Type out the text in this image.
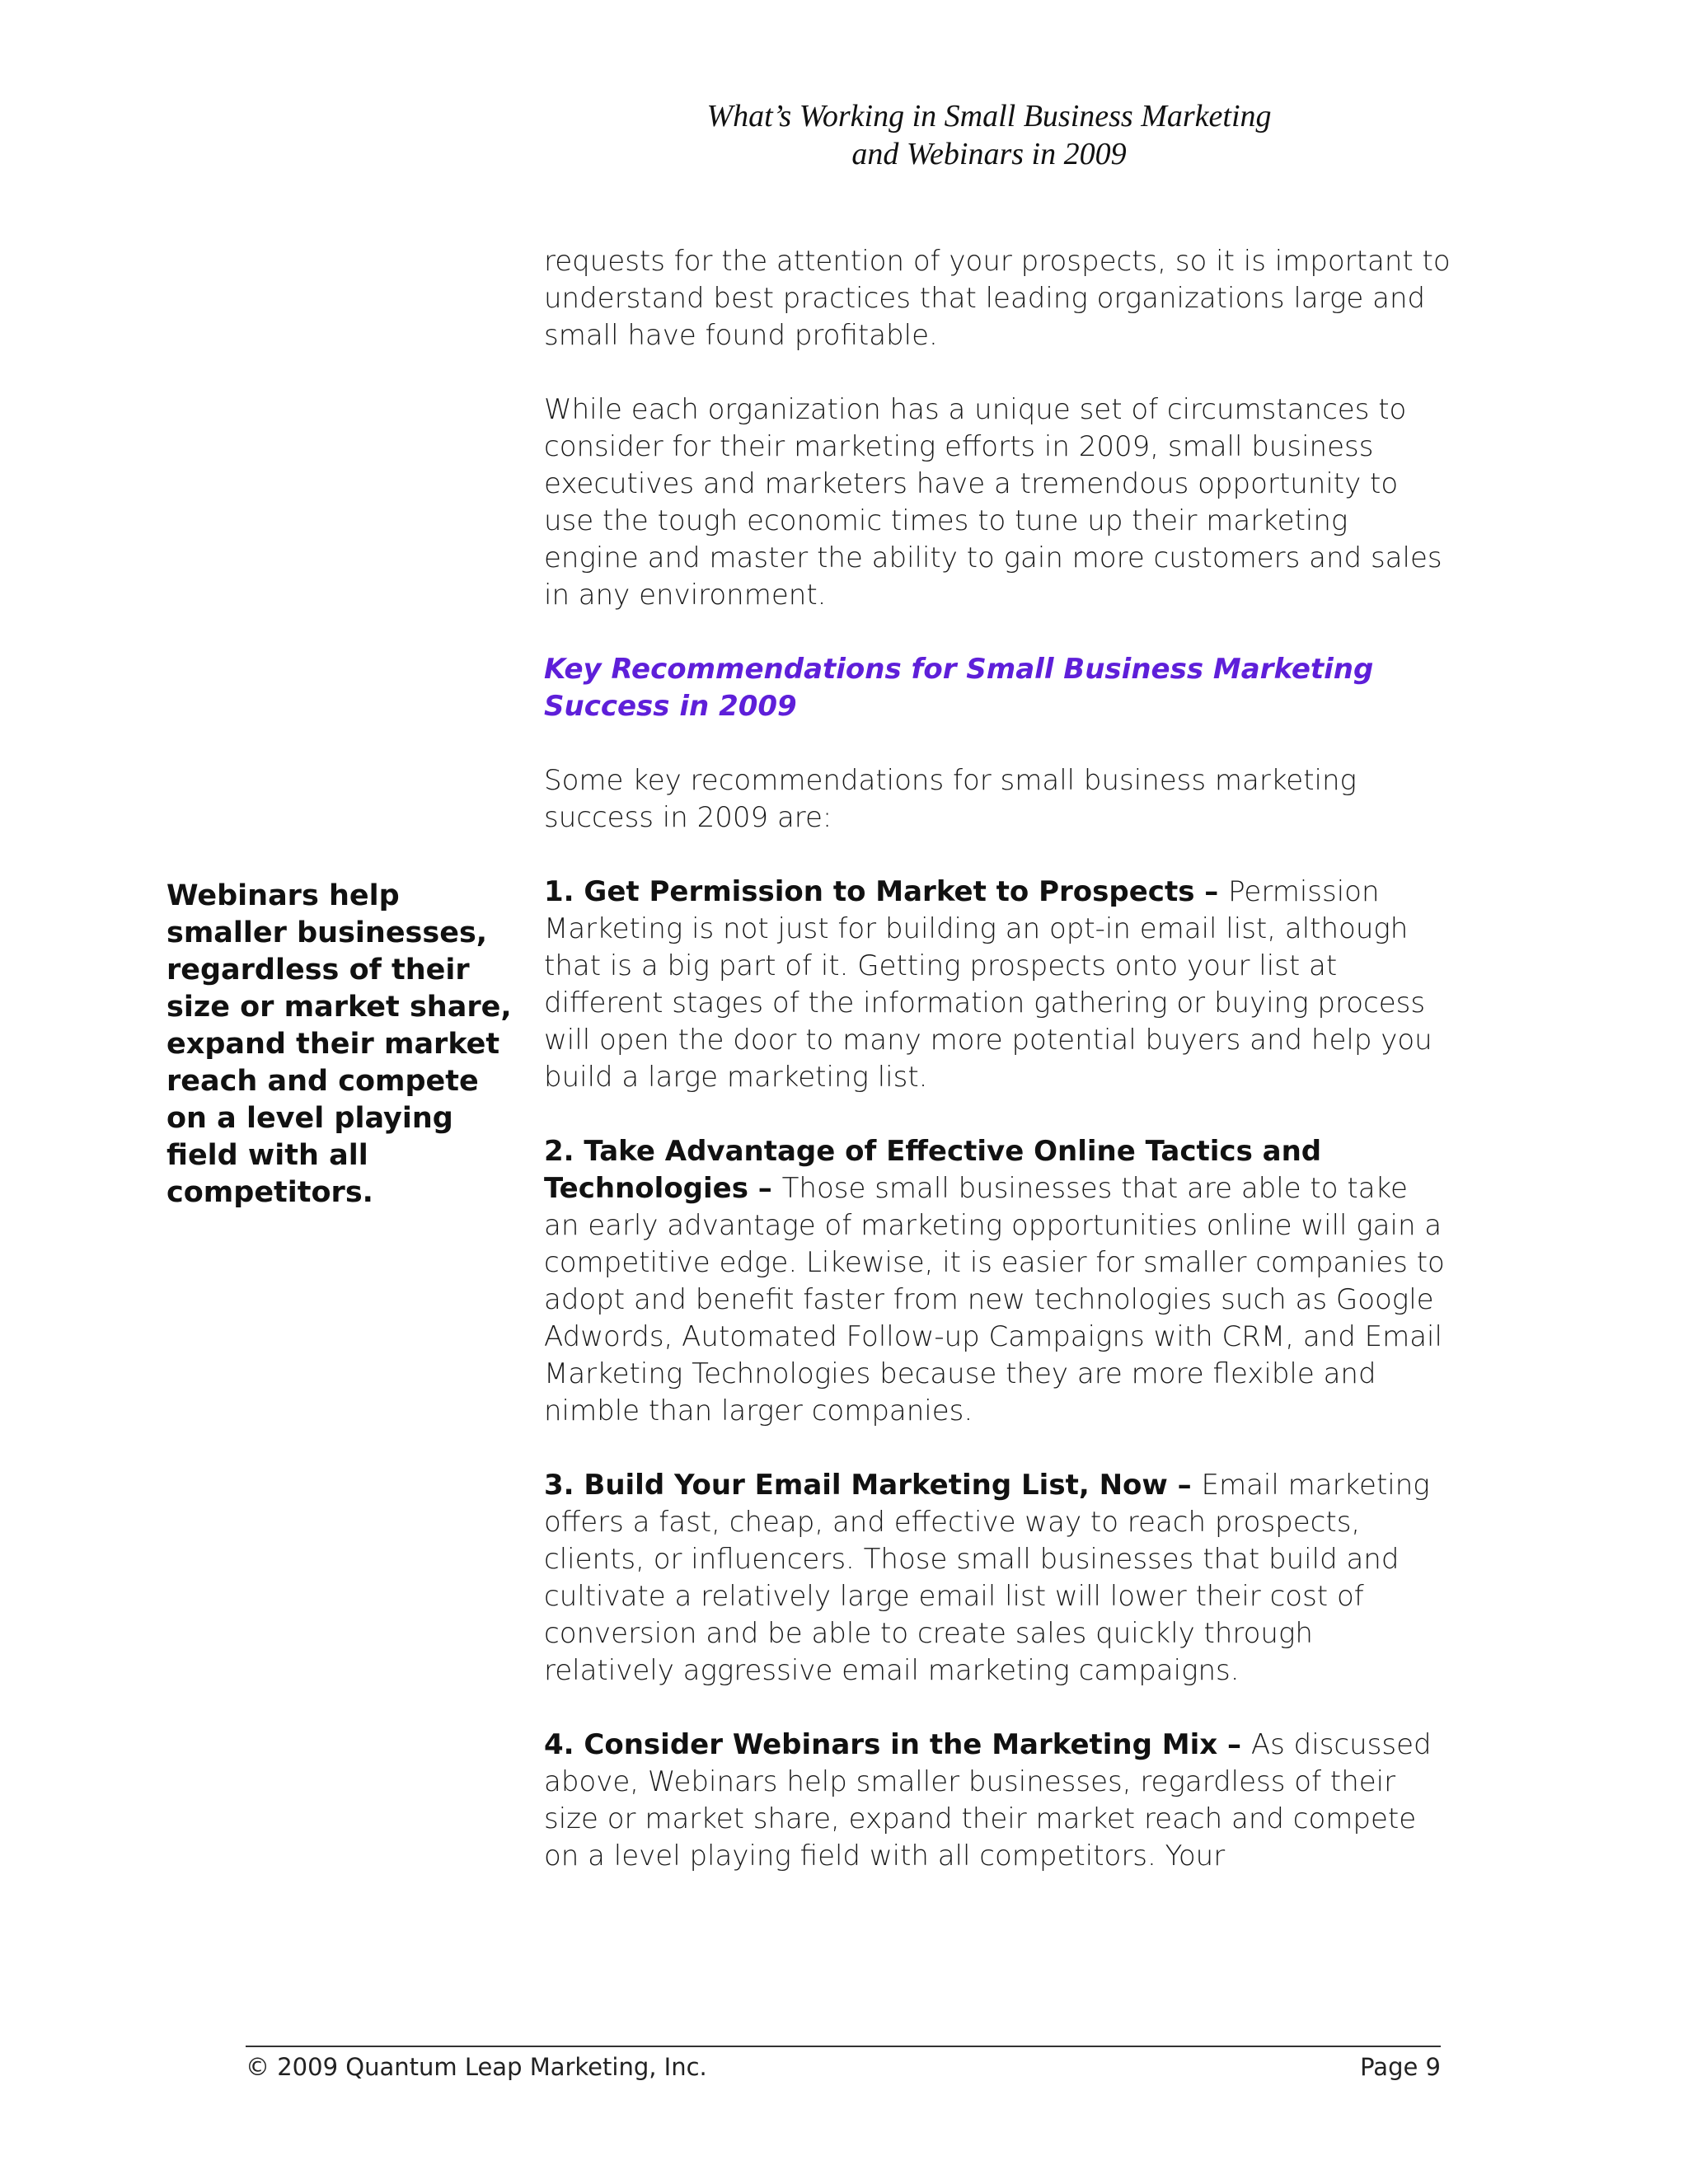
What’s Working in Small Business Marketing
and Webinars in 2009

requests for the attention of your prospects, so it is important to understand best practices that leading organizations large and small have found profitable.

While each organization has a unique set of circumstances to consider for their marketing efforts in 2009, small business executives and marketers have a tremendous opportunity to use the tough economic times to tune up their marketing engine and master the ability to gain more customers and sales in any environment.

Key Recommendations for Small Business Marketing Success in 2009

Some key recommendations for small business marketing success in 2009 are:

1. Get Permission to Market to Prospects – Permission Marketing is not just for building an opt-in email list, although that is a big part of it. Getting prospects onto your list at different stages of the information gathering or buying process will open the door to many more potential buyers and help you build a large marketing list.

2. Take Advantage of Effective Online Tactics and Technologies – Those small businesses that are able to take an early advantage of marketing opportunities online will gain a competitive edge. Likewise, it is easier for smaller companies to adopt and benefit faster from new technologies such as Google Adwords, Automated Follow-up Campaigns with CRM, and Email Marketing Technologies because they are more flexible and nimble than larger companies.

3. Build Your Email Marketing List, Now – Email marketing offers a fast, cheap, and effective way to reach prospects, clients, or influencers. Those small businesses that build and cultivate a relatively large email list will lower their cost of conversion and be able to create sales quickly through relatively aggressive email marketing campaigns.

4. Consider Webinars in the Marketing Mix – As discussed above, Webinars help smaller businesses, regardless of their size or market share, expand their market reach and compete on a level playing field with all competitors. Your

Webinars help smaller businesses, regardless of their size or market share, expand their market reach and compete on a level playing field with all competitors.
© 2009 Quantum Leap Marketing, Inc.	Page 9
